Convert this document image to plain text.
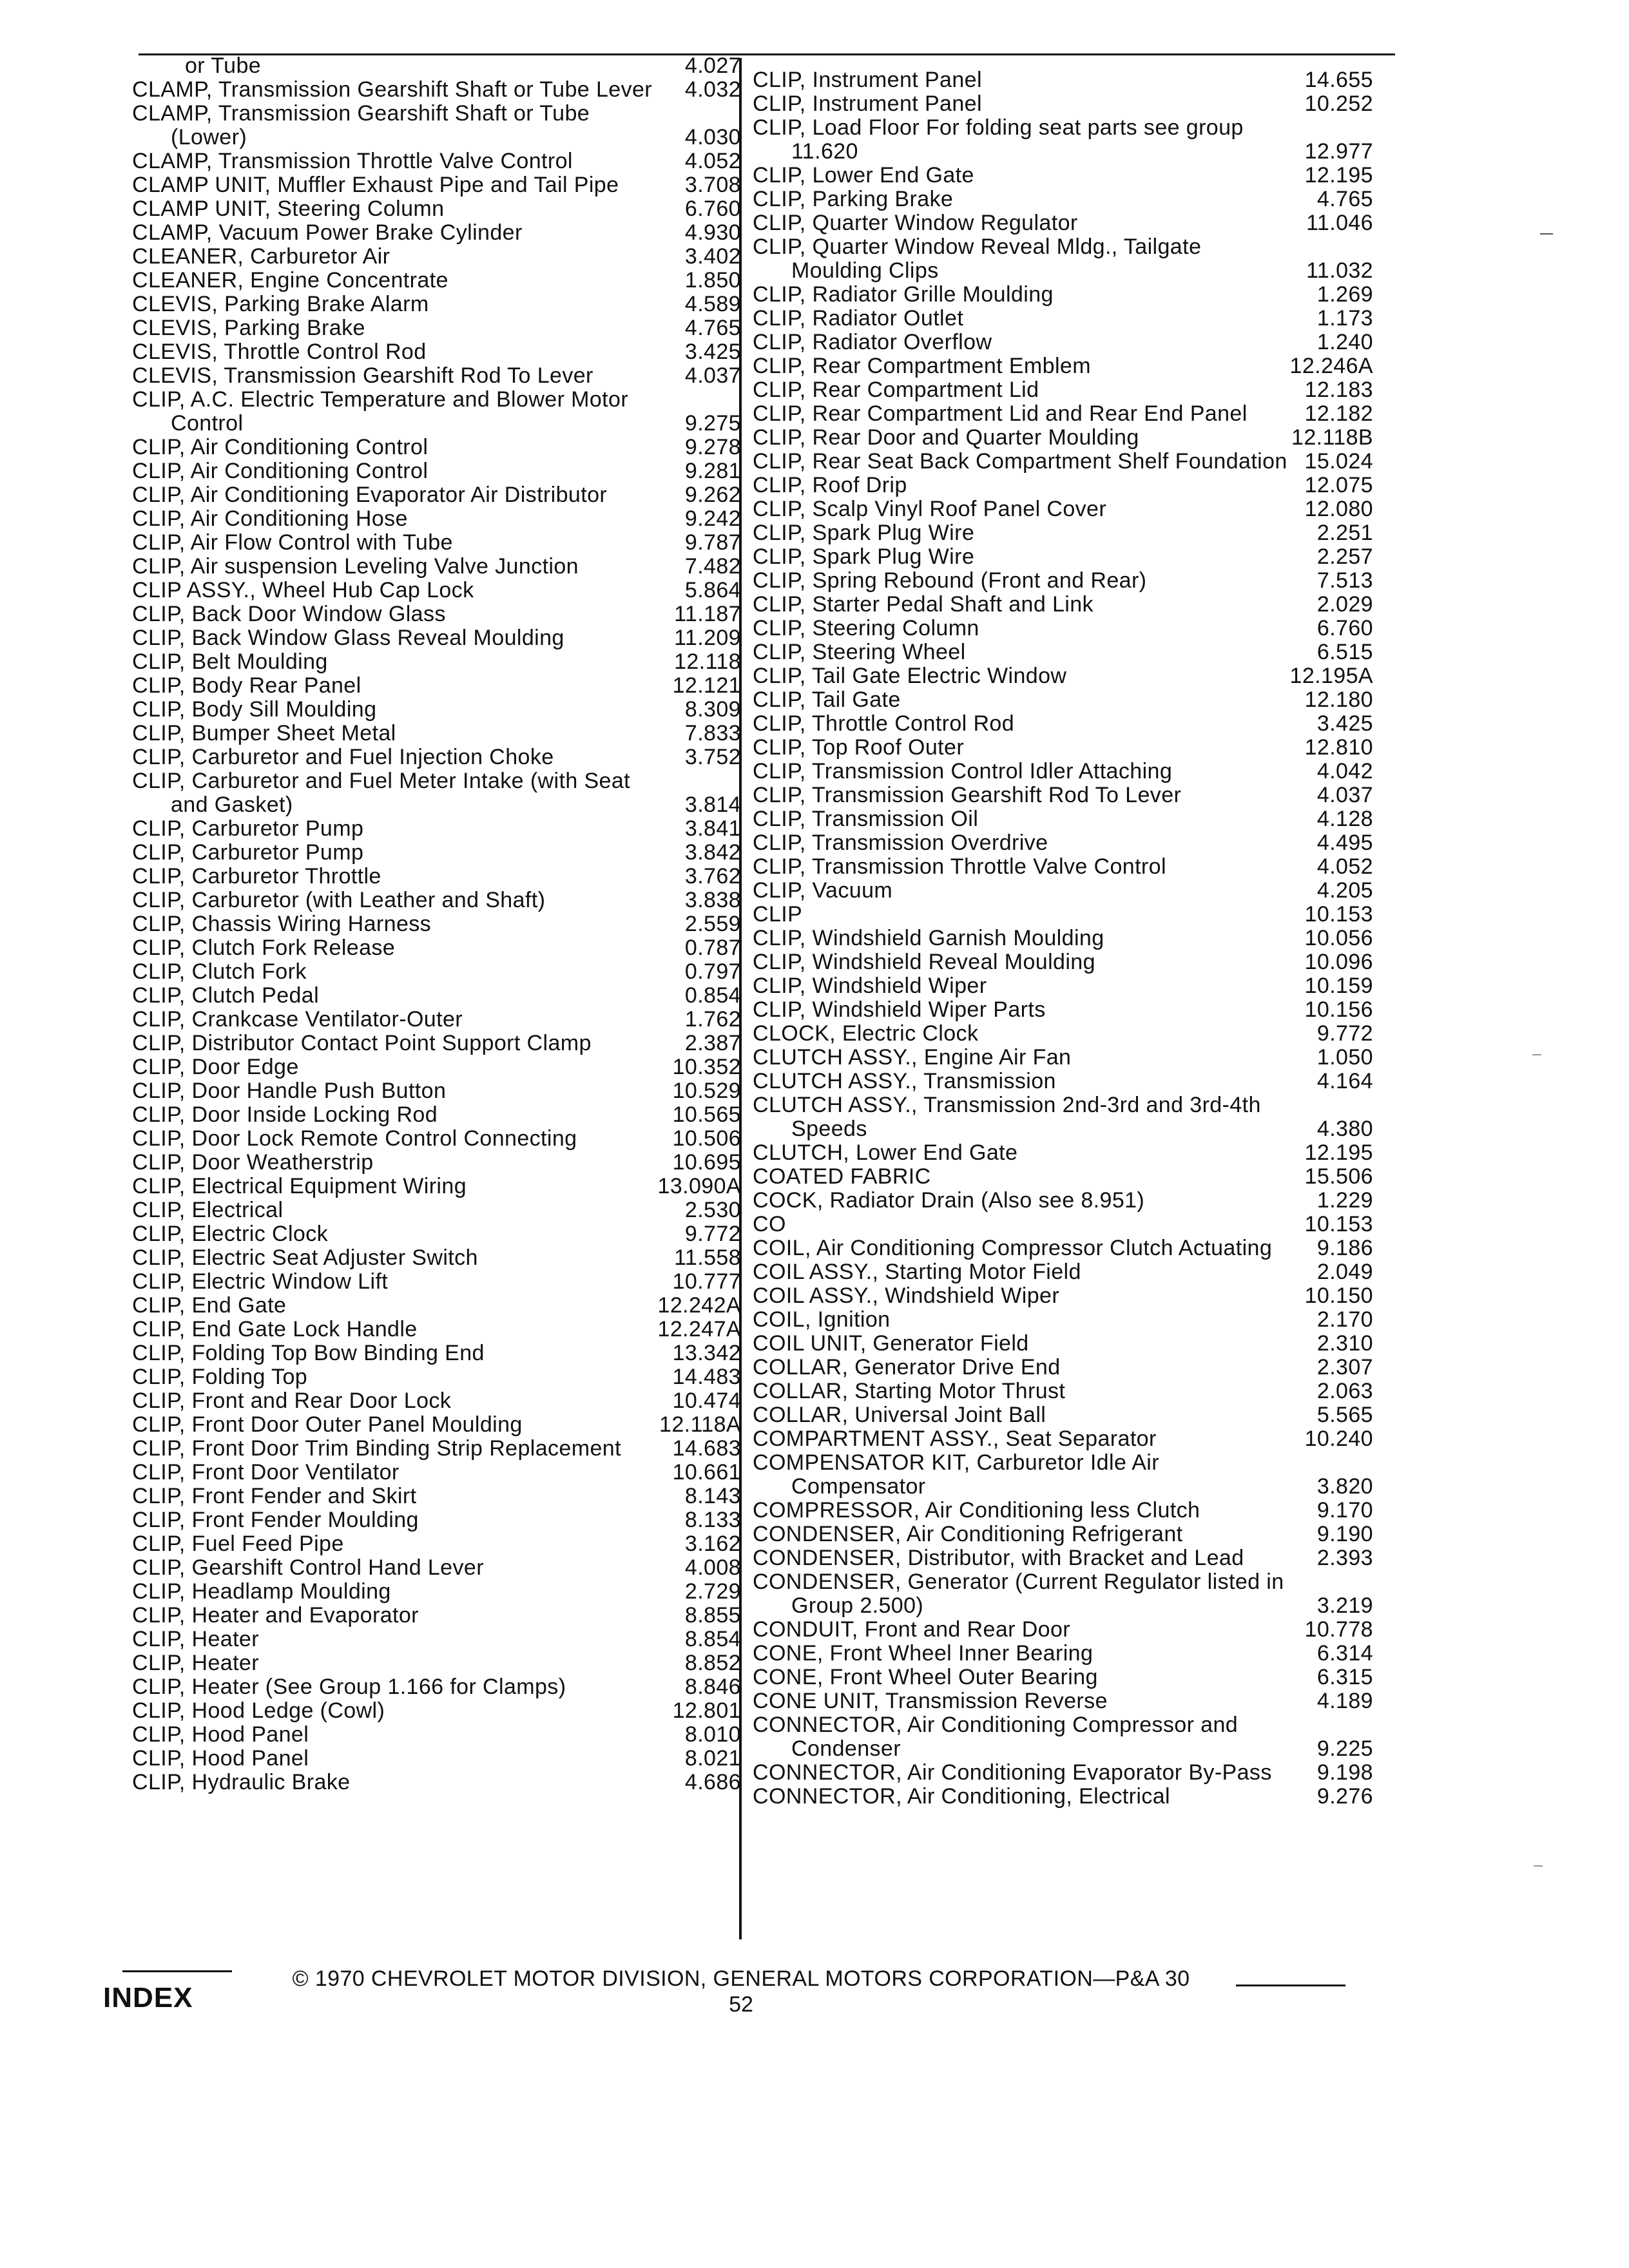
or Tube	4.027
CLAMP, Transmission Gearshift Shaft or Tube Lever	4.032
CLAMP, Transmission Gearshift Shaft or Tube (Lower)	4.030
CLAMP, Transmission Throttle Valve Control	4.052
CLAMP UNIT, Muffler Exhaust Pipe and Tail Pipe	3.708
CLAMP UNIT, Steering Column	6.760
CLAMP, Vacuum Power Brake Cylinder	4.930
CLEANER, Carburetor Air	3.402
CLEANER, Engine Concentrate	1.850
CLEVIS, Parking Brake Alarm	4.589
CLEVIS, Parking Brake	4.765
CLEVIS, Throttle Control Rod	3.425
CLEVIS, Transmission Gearshift Rod To Lever	4.037
CLIP, A.C. Electric Temperature and Blower Motor Control	9.275
CLIP, Air Conditioning Control	9.278
CLIP, Air Conditioning Control	9.281
CLIP, Air Conditioning Evaporator Air Distributor	9.262
CLIP, Air Conditioning Hose	9.242
CLIP, Air Flow Control with Tube	9.787
CLIP, Air suspension Leveling Valve Junction	7.482
CLIP ASSY., Wheel Hub Cap Lock	5.864
CLIP, Back Door Window Glass	11.187
CLIP, Back Window Glass Reveal Moulding	11.209
CLIP, Belt Moulding	12.118
CLIP, Body Rear Panel	12.121
CLIP, Body Sill Moulding	8.309
CLIP, Bumper Sheet Metal	7.833
CLIP, Carburetor and Fuel Injection Choke	3.752
CLIP, Carburetor and Fuel Meter Intake (with Seat and Gasket)	3.814
CLIP, Carburetor Pump	3.841
CLIP, Carburetor Pump	3.842
CLIP, Carburetor Throttle	3.762
CLIP, Carburetor (with Leather and Shaft)	3.838
CLIP, Chassis Wiring Harness	2.559
CLIP, Clutch Fork Release	0.787
CLIP, Clutch Fork	0.797
CLIP, Clutch Pedal	0.854
CLIP, Crankcase Ventilator-Outer	1.762
CLIP, Distributor Contact Point Support Clamp	2.387
CLIP, Door Edge	10.352
CLIP, Door Handle Push Button	10.529
CLIP, Door Inside Locking Rod	10.565
CLIP, Door Lock Remote Control Connecting	10.506
CLIP, Door Weatherstrip	10.695
CLIP, Electrical Equipment Wiring	13.090A
CLIP, Electrical	2.530
CLIP, Electric Clock	9.772
CLIP, Electric Seat Adjuster Switch	11.558
CLIP, Electric Window Lift	10.777
CLIP, End Gate	12.242A
CLIP, End Gate Lock Handle	12.247A
CLIP, Folding Top Bow Binding End	13.342
CLIP, Folding Top	14.483
CLIP, Front and Rear Door Lock	10.474
CLIP, Front Door Outer Panel Moulding	12.118A
CLIP, Front Door Trim Binding Strip Replacement	14.683
CLIP, Front Door Ventilator	10.661
CLIP, Front Fender and Skirt	8.143
CLIP, Front Fender Moulding	8.133
CLIP, Fuel Feed Pipe	3.162
CLIP, Gearshift Control Hand Lever	4.008
CLIP, Headlamp Moulding	2.729
CLIP, Heater and Evaporator	8.855
CLIP, Heater	8.854
CLIP, Heater	8.852
CLIP, Heater (See Group 1.166 for Clamps)	8.846
CLIP, Hood Ledge (Cowl)	12.801
CLIP, Hood Panel	8.010
CLIP, Hood Panel	8.021
CLIP, Hydraulic Brake	4.686
CLIP, Instrument Panel	14.655
CLIP, Instrument Panel	10.252
CLIP, Load Floor For folding seat parts see group 11.620	12.977
CLIP, Lower End Gate	12.195
CLIP, Parking Brake	4.765
CLIP, Quarter Window Regulator	11.046
CLIP, Quarter Window Reveal Mldg., Tailgate Moulding Clips	11.032
CLIP, Radiator Grille Moulding	1.269
CLIP, Radiator Outlet	1.173
CLIP, Radiator Overflow	1.240
CLIP, Rear Compartment Emblem	12.246A
CLIP, Rear Compartment Lid	12.183
CLIP, Rear Compartment Lid and Rear End Panel	12.182
CLIP, Rear Door and Quarter Moulding	12.118B
CLIP, Rear Seat Back Compartment Shelf Foundation 15.024
CLIP, Roof Drip	12.075
CLIP, Scalp Vinyl Roof Panel Cover	12.080
CLIP, Spark Plug Wire	2.251
CLIP, Spark Plug Wire	2.257
CLIP, Spring Rebound (Front and Rear)	7.513
CLIP, Starter Pedal Shaft and Link	2.029
CLIP, Steering Column	6.760
CLIP, Steering Wheel	6.515
CLIP, Tail Gate Electric Window	12.195A
CLIP, Tail Gate	12.180
CLIP, Throttle Control Rod	3.425
CLIP, Top Roof Outer	12.810
CLIP, Transmission Control Idler Attaching	4.042
CLIP, Transmission Gearshift Rod To Lever	4.037
CLIP, Transmission Oil	4.128
CLIP, Transmission Overdrive	4.495
CLIP, Transmission Throttle Valve Control	4.052
CLIP, Vacuum	4.205
CLIP	10.153
CLIP, Windshield Garnish Moulding	10.056
CLIP, Windshield Reveal Moulding	10.096
CLIP, Windshield Wiper	10.159
CLIP, Windshield Wiper Parts	10.156
CLOCK, Electric Clock	9.772
CLUTCH ASSY., Engine Air Fan	1.050
CLUTCH ASSY., Transmission	4.164
CLUTCH ASSY., Transmission 2nd-3rd and 3rd-4th Speeds	4.380
CLUTCH, Lower End Gate	12.195
COATED FABRIC	15.506
COCK, Radiator Drain (Also see 8.951)	1.229
CO	10.153
COIL, Air Conditioning Compressor Clutch Actuating	9.186
COIL ASSY., Starting Motor Field	2.049
COIL ASSY., Windshield Wiper	10.150
COIL, Ignition	2.170
COIL UNIT, Generator Field	2.310
COLLAR, Generator Drive End	2.307
COLLAR, Starting Motor Thrust	2.063
COLLAR, Universal Joint Ball	5.565
COMPARTMENT ASSY., Seat Separator	10.240
COMPENSATOR KIT, Carburetor Idle Air Compensator	3.820
COMPRESSOR, Air Conditioning less Clutch	9.170
CONDENSER, Air Conditioning Refrigerant	9.190
CONDENSER, Distributor, with Bracket and Lead	2.393
CONDENSER, Generator (Current Regulator listed in Group 2.500)	3.219
CONDUIT, Front and Rear Door	10.778
CONE, Front Wheel Inner Bearing	6.314
CONE, Front Wheel Outer Bearing	6.315
CONE UNIT, Transmission Reverse	4.189
CONNECTOR, Air Conditioning Compressor and Condenser	9.225
CONNECTOR, Air Conditioning Evaporator By-Pass	9.198
CONNECTOR, Air Conditioning, Electrical	9.276
INDEX
© 1970 CHEVROLET MOTOR DIVISION, GENERAL MOTORS CORPORATION—P&A 30
52
